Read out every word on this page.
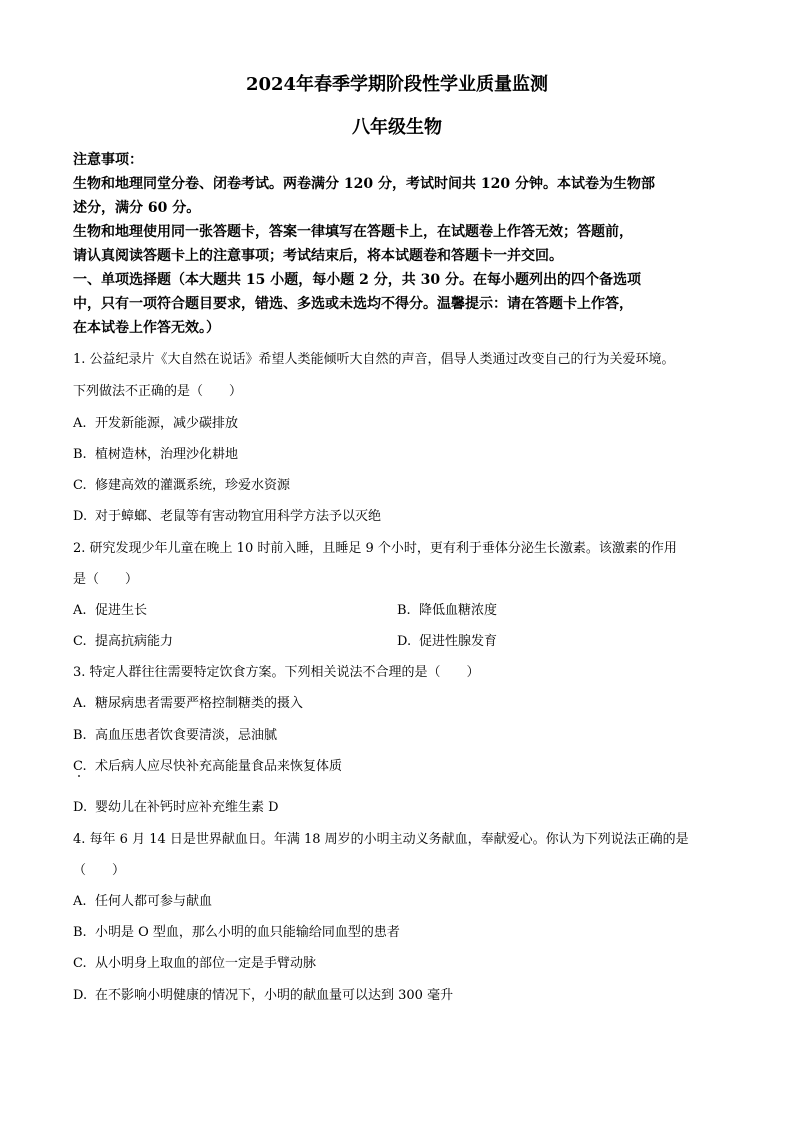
2024年春季学期阶段性学业质量监测
八年级生物
注意事项：
生物和地理同堂分卷、闭卷考试。两卷满分 120 分，考试时间共 120 分钟。本试卷为生物部
述分，满分 60 分。
生物和地理使用同一张答题卡，答案一律填写在答题卡上，在试题卷上作答无效；答题前，
请认真阅读答题卡上的注意事项；考试结束后，将本试题卷和答题卡一并交回。
一、单项选择题（本大题共 15 小题，每小题 2 分，共 30 分。在每小题列出的四个备选项
中，只有一项符合题目要求，错选、多选或未选均不得分。温馨提示：请在答题卡上作答，
在本试卷上作答无效。）
1. 公益纪录片《大自然在说话》希望人类能倾听大自然的声音，倡导人类通过改变自己的行为关爱环境。
下列做法不正确的是（　　）
A. 开发新能源，减少碳排放
B. 植树造林，治理沙化耕地
C. 修建高效的灌溉系统，珍爱水资源
D. 对于蟑螂、老鼠等有害动物宜用科学方法予以灭绝
2. 研究发现少年儿童在晚上 10 时前入睡，且睡足 9 个小时，更有利于垂体分泌生长激素。该激素的作用
是（　　）
A. 促进生长	B. 降低血糖浓度
C. 提高抗病能力	D. 促进性腺发育
3. 特定人群往往需要特定饮食方案。下列相关说法不合理的是（　　）
A. 糖尿病患者需要严格控制糖类的摄入
B. 高血压患者饮食要清淡，忌油腻
C. 术后病人应尽快补充高能量食品来恢复体质
D. 婴幼儿在补钙时应补充维生素 D
4. 每年 6 月 14 日是世界献血日。年满 18 周岁的小明主动义务献血，奉献爱心。你认为下列说法正确的是
（　　）
A. 任何人都可参与献血
B. 小明是 O 型血，那么小明的血只能输给同血型的患者
C. 从小明身上取血的部位一定是手臂动脉
D. 在不影响小明健康的情况下，小明的献血量可以达到 300 毫升
